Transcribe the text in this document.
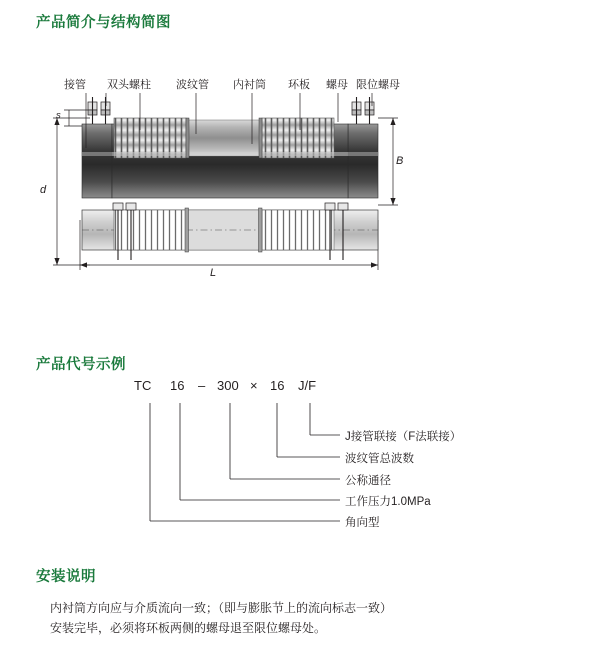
产品简介与结构简图
产品代号示例
安装说明
接管 双头螺柱 波纹管 内衬筒 环板 螺母 限位螺母
s
d
B
L
TC 16 – 300 × 16 J/F
J接管联接（F法联接）
波纹管总波数
公称通径
工作压力1.0MPa
角向型
内衬筒方向应与介质流向一致；（即与膨胀节上的流向标志一致）
安装完毕，必须将环板两侧的螺母退至限位螺母处。
